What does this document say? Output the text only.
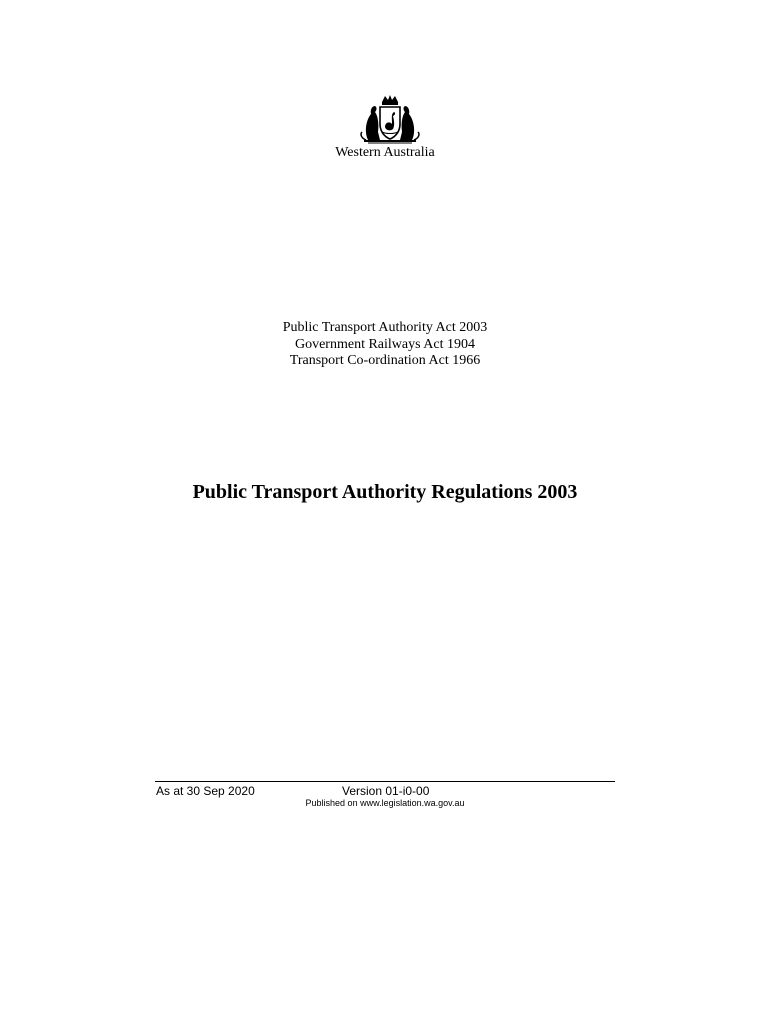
Western Australia
Public Transport Authority Act 2003
Government Railways Act 1904
Transport Co-ordination Act 1966
Public Transport Authority Regulations 2003
As at 30 Sep 2020	Version 01-i0-00
Published on www.legislation.wa.gov.au
